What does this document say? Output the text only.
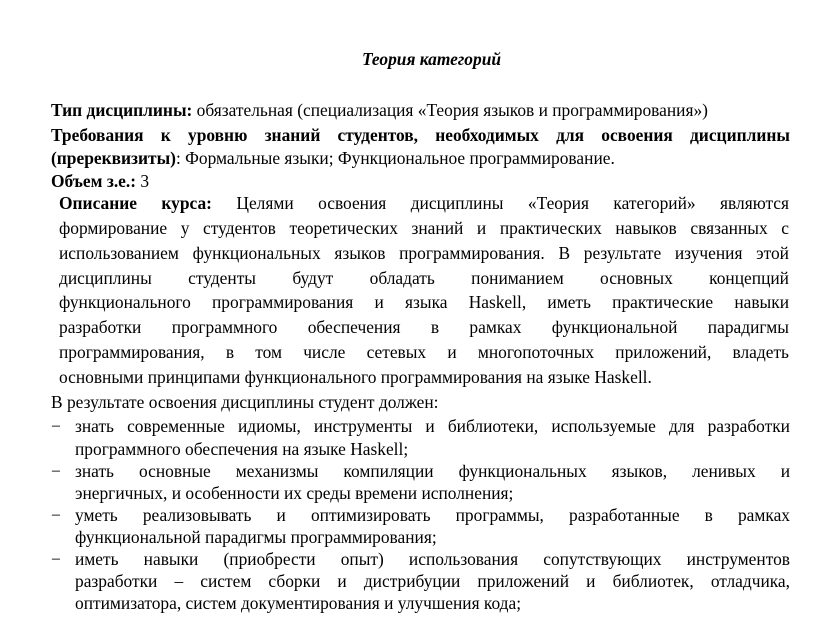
Теория категорий
Тип дисциплины: обязательная (специализация «Теория языков и программирования»)
Требования к уровню знаний студентов, необходимых для освоения дисциплины
(пререквизиты): Формальные языки; Функциональное программирование.
Объем з.е.: 3
Описание курса: Целями освоения дисциплины «Теория категорий» являются
формирование у студентов теоретических знаний и практических навыков связанных с
использованием функциональных языков программирования. В результате изучения этой
дисциплины студенты будут обладать пониманием основных концепций
функционального программирования и языка Haskell, иметь практические навыки
разработки программного обеспечения в рамках функциональной парадигмы
программирования, в том числе сетевых и многопоточных приложений, владеть
основными принципами функционального программирования на языке Haskell.
В результате освоения дисциплины студент должен:
− знать современные идиомы, инструменты и библиотеки, используемые для разработки
программного обеспечения на языке Haskell;
− знать основные механизмы компиляции функциональных языков, ленивых и
энергичных, и особенности их среды времени исполнения;
− уметь реализовывать и оптимизировать программы, разработанные в рамках
функциональной парадигмы программирования;
− иметь навыки (приобрести опыт) использования сопутствующих инструментов
разработки – систем сборки и дистрибуции приложений и библиотек, отладчика,
оптимизатора, систем документирования и улучшения кода;
